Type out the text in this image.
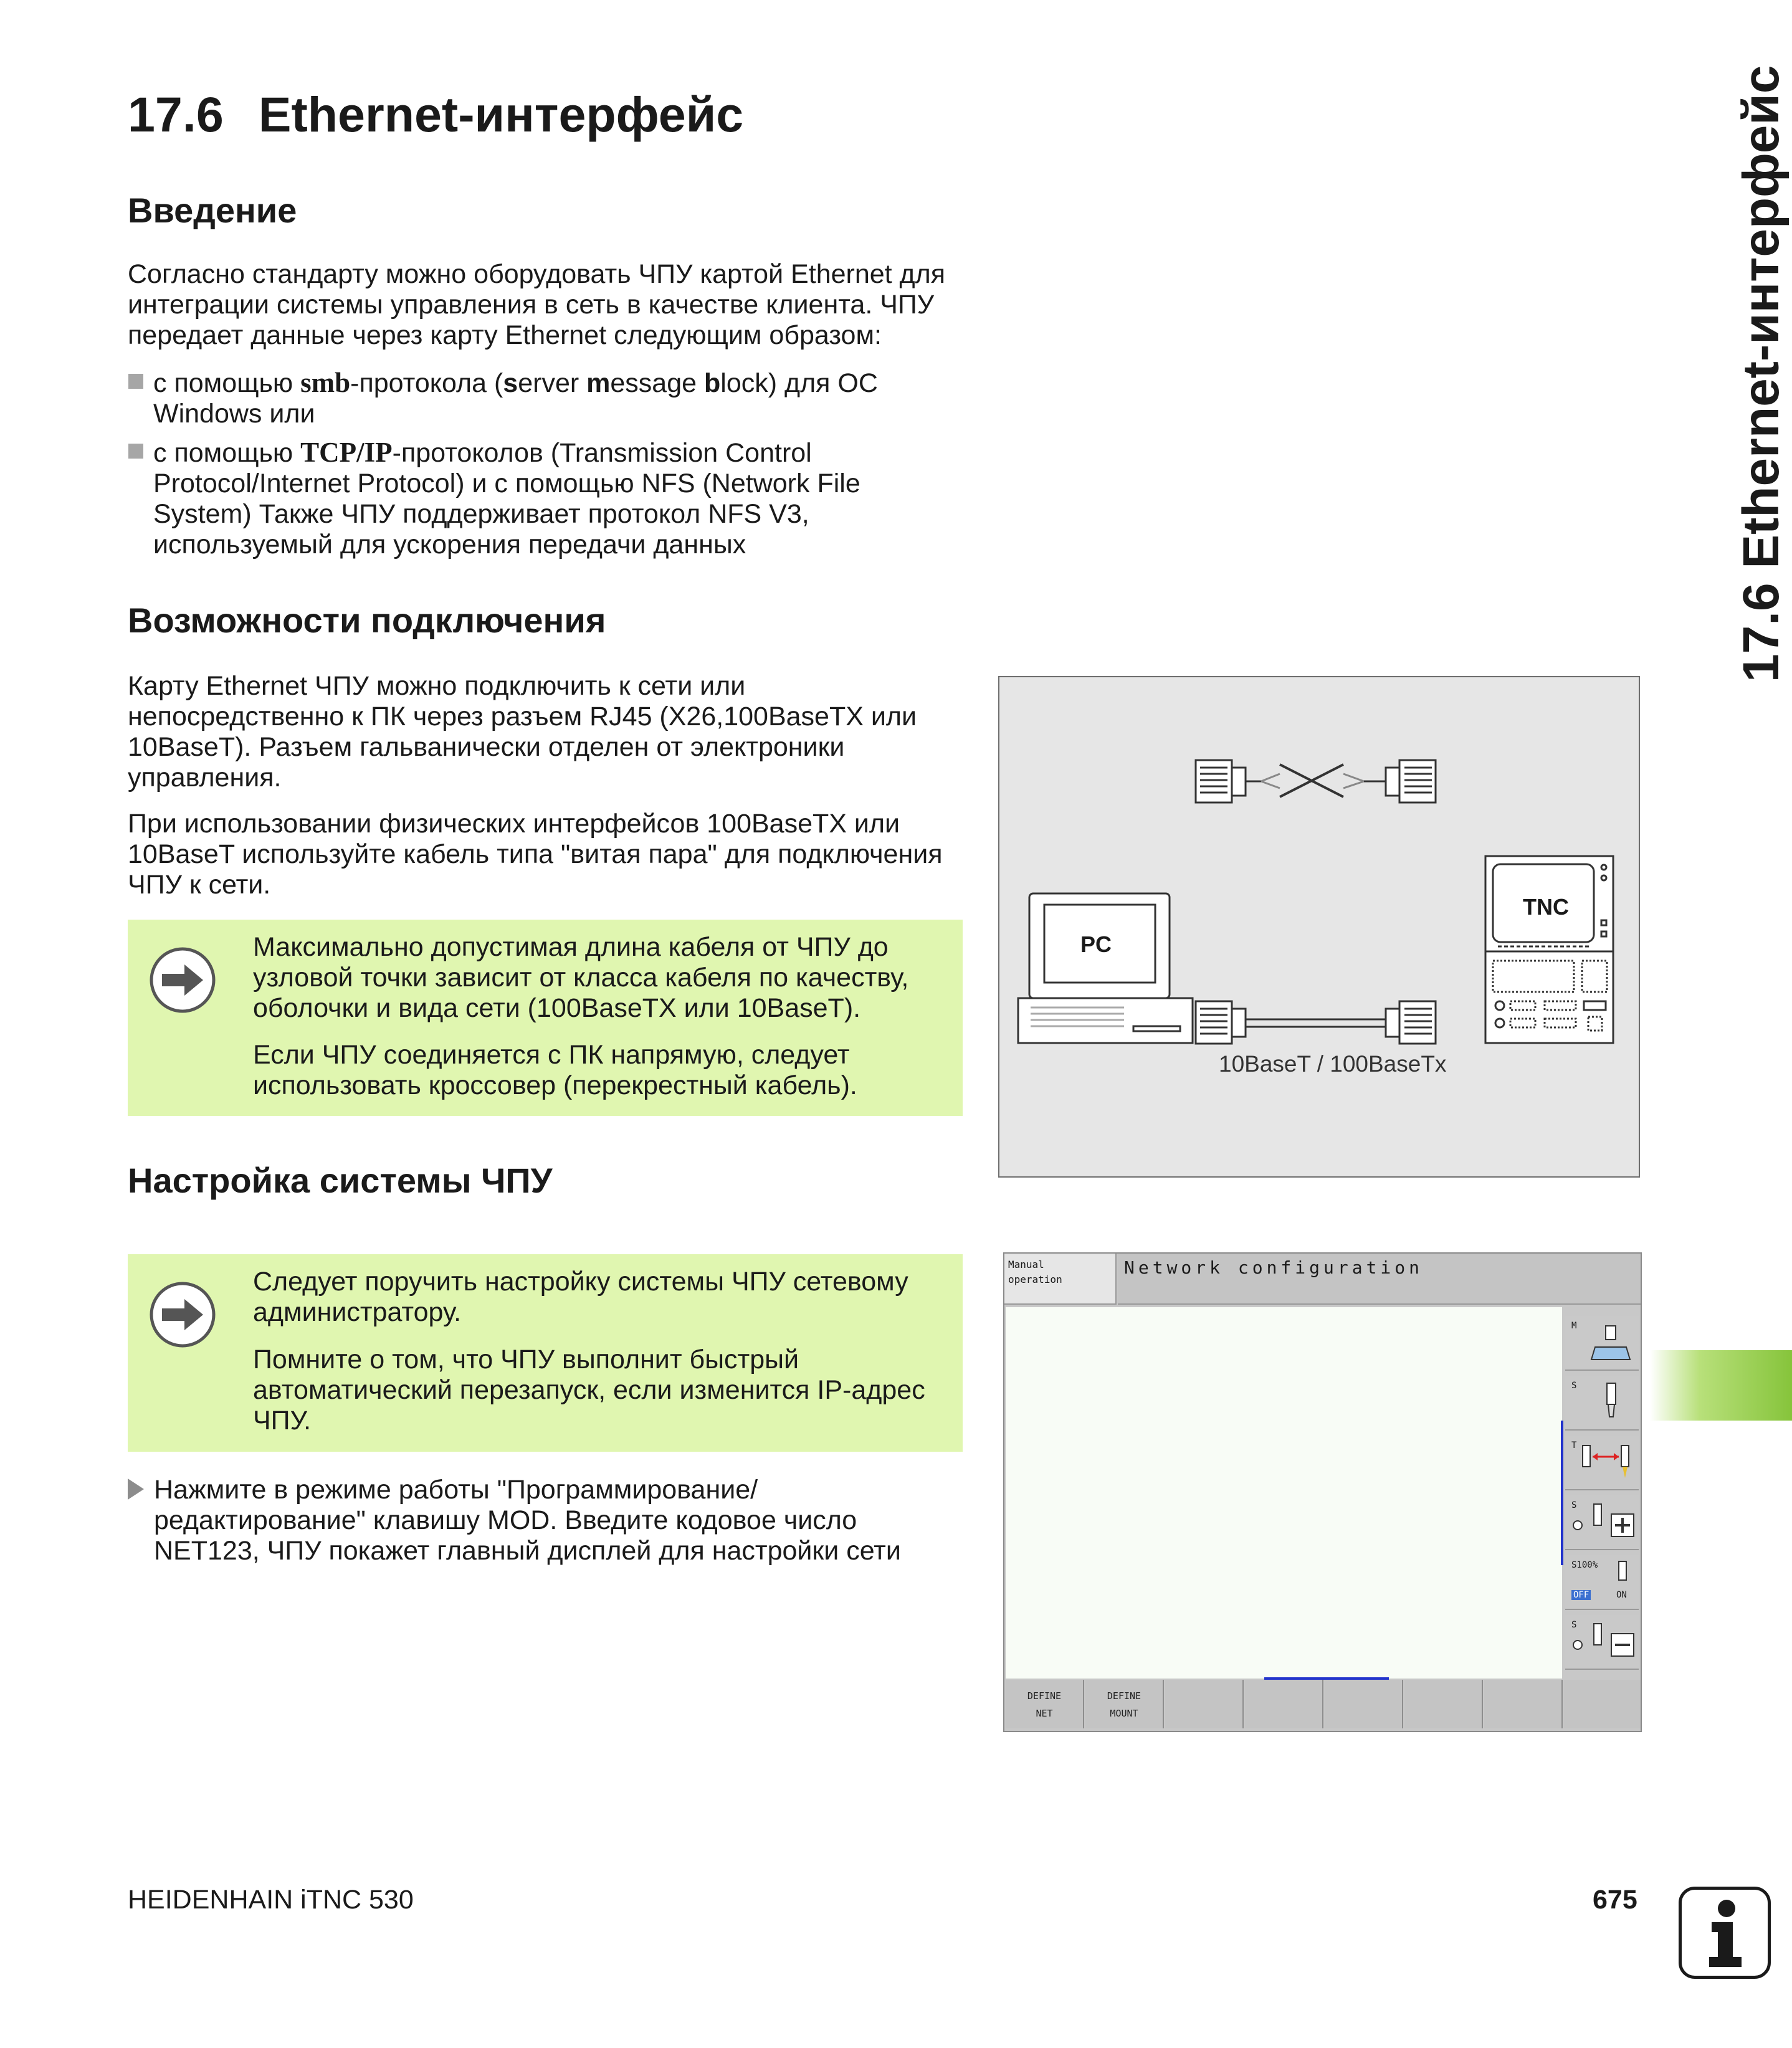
17.6 Ethernet-интерфейс	17.6 Ethernet-интерфейс
Введение

Согласно стандарту можно оборудовать ЧПУ картой Ethernet для интеграции системы управления в сеть в качестве клиента. ЧПУ передает данные через карту Ethernet следующим образом:

с помощью smb-протокола (server message block) для ОС Windows или
с помощью TCP/IP-протоколов (Transmission Control Protocol/Internet Protocol) и с помощью NFS (Network File System) Также ЧПУ поддерживает протокол NFS V3, используемый для ускорения передачи данных
Возможности подключения

Карту Ethernet ЧПУ можно подключить к сети или непосредственно к ПК через разъем RJ45 (X26,100BaseTX или 10BaseT). Разъем гальванически отделен от электроники управления.

При использовании физических интерфейсов 100BaseTX или 10BaseT используйте кабель типа "витая пара" для подключения ЧПУ к сети.

Максимально допустимая длина кабеля от ЧПУ до узловой точки зависит от класса кабеля по качеству, оболочки и вида сети (100BaseTX или 10BaseT).

Если ЧПУ соединяется с ПК напрямую, следует использовать кроссовер (перекрестный кабель).

PC
TNC
10BaseT / 100BaseTx
Настройка системы ЧПУ

Следует поручить настройку системы ЧПУ сетевому администратору.

Помните о том, что ЧПУ выполнит быстрый автоматический перезапуск, если изменится IP-адрес ЧПУ.

Нажмите в режиме работы "Программирование/редактирование" клавишу MOD. Введите кодовое число NET123, ЧПУ покажет главный дисплей для настройки сети
Manual
operation
Network configuration
M
S
T
S
S100%
OFF	ON
S
DEFINE
NET
DEFINE
MOUNT
HEIDENHAIN iTNC 530	675
